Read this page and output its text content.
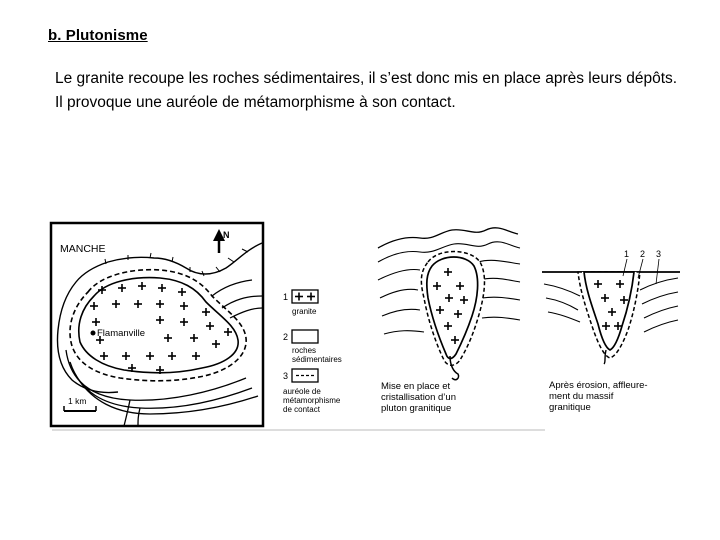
b. Plutonisme
Le granite recoupe les roches sédimentaires, il s’est donc mis en place après leurs dépôts.
Il provoque une auréole de métamorphisme à son contact.
MANCHE
N
Flamanville
1 km
1
granite
2
roches
sédimentaires
3
auréole de
métamorphisme
de contact
Mise en place et
cristallisation d’un
pluton granitique
1 2 3
Après érosion, affleure-
ment du massif
granitique
